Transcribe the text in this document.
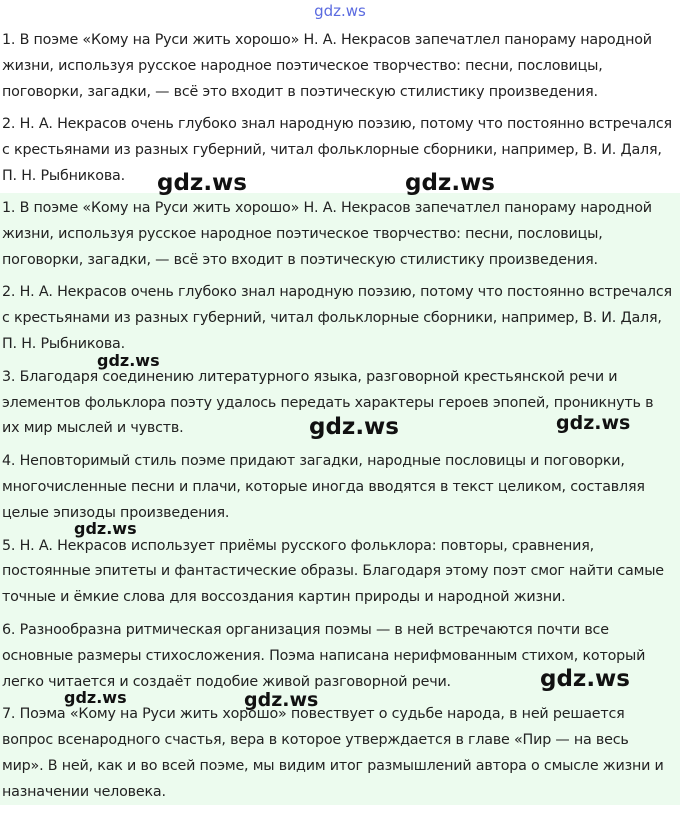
gdz.ws

1. В поэме «Кому на Руси жить хорошо» Н. А. Некрасов запечатлел панораму народной жизни, используя русское народное поэтическое творчество: песни, пословицы, поговорки, загадки, — всё это входит в поэтическую стилистику произведения.

2. Н. А. Некрасов очень глубоко знал народную поэзию, потому что постоянно встречался с крестьянами из разных губерний, читал фольклорные сборники, например, В. И. Даля, П. Н. Рыбникова.

1. В поэме «Кому на Руси жить хорошо» Н. А. Некрасов запечатлел панораму народной жизни, используя русское народное поэтическое творчество: песни, пословицы, поговорки, загадки, — всё это входит в поэтическую стилистику произведения.

2. Н. А. Некрасов очень глубоко знал народную поэзию, потому что постоянно встречался с крестьянами из разных губерний, читал фольклорные сборники, например, В. И. Даля, П. Н. Рыбникова.

3. Благодаря соединению литературного языка, разговорной крестьянской речи и элементов фольклора поэту удалось передать характеры героев эпопей, проникнуть в их мир мыслей и чувств.

4. Неповторимый стиль поэме придают загадки, народные пословицы и поговорки, многочисленные песни и плачи, которые иногда вводятся в текст целиком, составляя целые эпизоды произведения.

5. Н. А. Некрасов использует приёмы русского фольклора: повторы, сравнения, постоянные эпитеты и фантастические образы. Благодаря этому поэт смог найти самые точные и ёмкие слова для воссоздания картин природы и народной жизни.

6. Разнообразна ритмическая организация поэмы — в ней встречаются почти все основные размеры стихосложения. Поэма написана нерифмованным стихом, который легко читается и создаёт подобие живой разговорной речи.

7. Поэма «Кому на Руси жить хорошо» повествует о судьбе народа, в ней решается вопрос всенародного счастья, вера в которое утверждается в главе «Пир — на весь мир». В ней, как и во всей поэме, мы видим итог размышлений автора о смысле жизни и назначении человека.

gdz.ws	gdz.ws
gdz.ws
gdz.ws	gdz.ws
gdz.ws
gdz.ws
gdz.ws	gdz.ws
